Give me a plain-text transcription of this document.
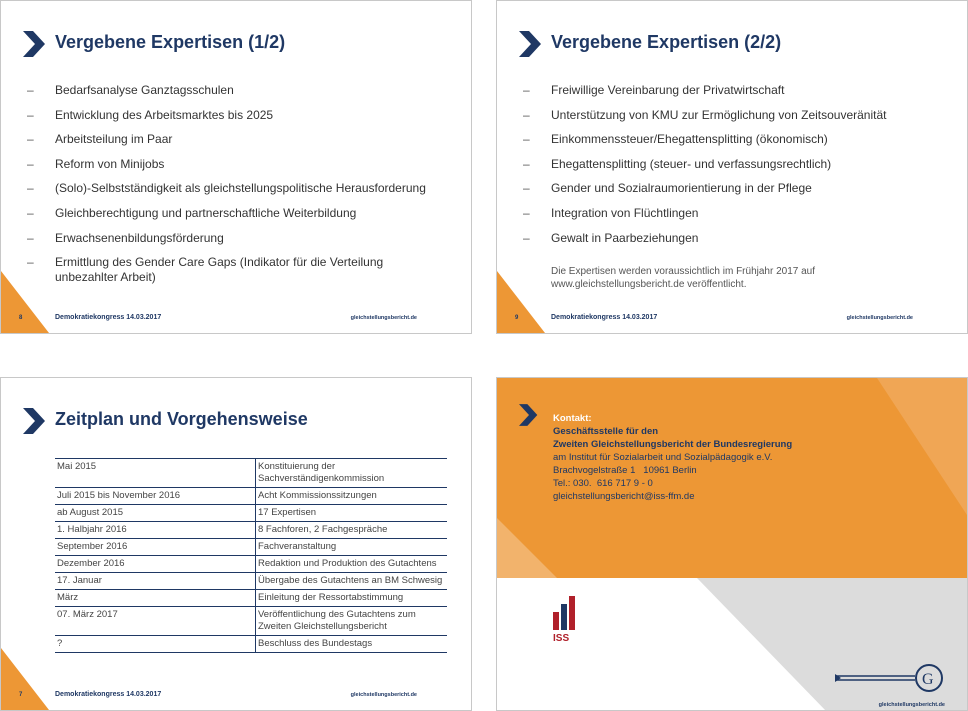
Vergebene Expertisen (1/2)
– Bedarfsanalyse Ganztagsschulen
– Entwicklung des Arbeitsmarktes bis 2025
– Arbeitsteilung im Paar
– Reform von Minijobs
– (Solo)-Selbstständigkeit als gleichstellungspolitische Herausforderung
– Gleichberechtigung und partnerschaftliche Weiterbildung
– Erwachsenenbildungsförderung
– Ermittlung des Gender Care Gaps (Indikator für die Verteilung unbezahlter Arbeit)
8	Demokratiekongress 14.03.2017	gleichstellungsbericht.de
Vergebene Expertisen (2/2)
– Freiwillige Vereinbarung der Privatwirtschaft
– Unterstützung von KMU zur Ermöglichung von Zeitsouveränität
– Einkommenssteuer/Ehegattensplitting (ökonomisch)
– Ehegattensplitting (steuer- und verfassungsrechtlich)
– Gender und Sozialraumorientierung in der Pflege
– Integration von Flüchtlingen
– Gewalt in Paarbeziehungen
Die Expertisen werden voraussichtlich im Frühjahr 2017 auf www.gleichstellungsbericht.de veröffentlicht.
9	Demokratiekongress 14.03.2017	gleichstellungsbericht.de
Zeitplan und Vorgehensweise
Mai 2015	Konstituierung der Sachverständigenkommission
Juli 2015 bis November 2016	Acht Kommissionssitzungen
ab August 2015	17 Expertisen
1. Halbjahr 2016	8 Fachforen, 2 Fachgespräche
September 2016	Fachveranstaltung
Dezember 2016	Redaktion und Produktion des Gutachtens
17. Januar	Übergabe des Gutachtens an BM Schwesig
März	Einleitung der Ressortabstimmung
07. März 2017	Veröffentlichung des Gutachtens zum Zweiten Gleichstellungsbericht
?	Beschluss des Bundestags
7	Demokratiekongress 14.03.2017	gleichstellungsbericht.de
Kontakt:
Geschäftsstelle für den
Zweiten Gleichstellungsbericht der Bundesregierung
am Institut für Sozialarbeit und Sozialpädagogik e.V.
Brachvogelstraße 1   10961 Berlin
Tel.: 030.  616 717 9 - 0
gleichstellungsbericht@iss-ffm.de
ISS
G
gleichstellungsbericht.de
